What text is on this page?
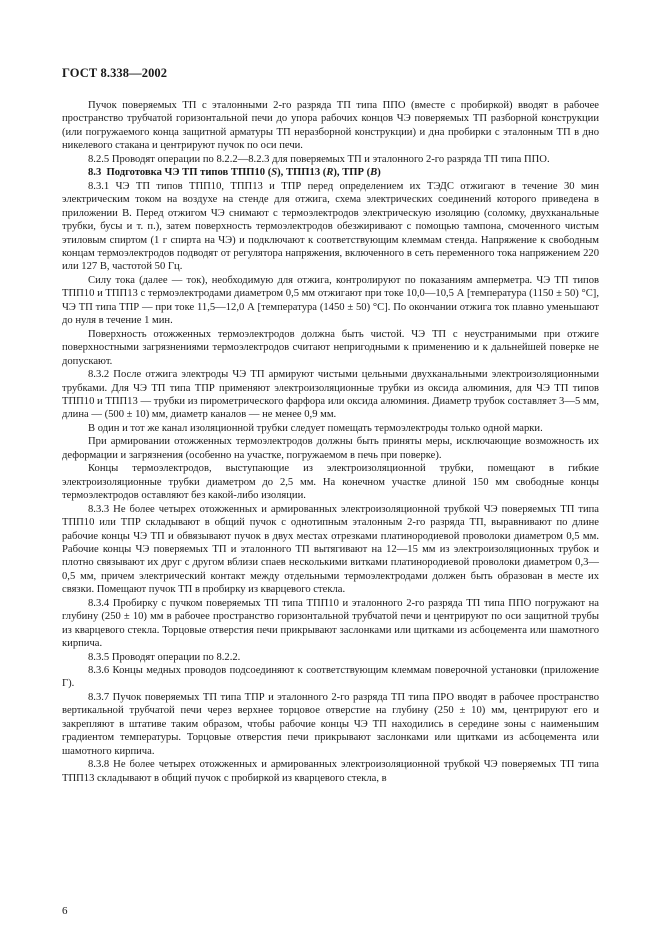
ГОСТ 8.338—2002

Пучок поверяемых ТП с эталонными 2-го разряда ТП типа ППО (вместе с пробиркой) вводят в рабочее пространство трубчатой горизонтальной печи до упора рабочих концов ЧЭ поверяемых ТП разборной конструкции (или погружаемого конца защитной арматуры ТП неразборной конструкции) и дна пробирки с эталонным ТП в дно никелевого стакана и центрируют пучок по оси печи.

8.2.5 Проводят операции по 8.2.2—8.2.3 для поверяемых ТП и эталонного 2-го разряда ТП типа ППО.

8.3 Подготовка ЧЭ ТП типов ТПП10 (S), ТПП13 (R), ТПР (B)

8.3.1 ЧЭ ТП типов ТПП10, ТПП13 и ТПР перед определением их ТЭДС отжигают в течение 30 мин электрическим током на воздухе на стенде для отжига, схема электрических соединений которого приведена в приложении В. Перед отжигом ЧЭ снимают с термоэлектродов электрическую изоляцию (соломку, двухканальные трубки, бусы и т. п.), затем поверхность термоэлектродов обезжиривают с помощью тампона, смоченного чистым этиловым спиртом (1 г спирта на ЧЭ) и подключают к соответствующим клеммам стенда. Напряжение к свободным концам термоэлектродов подводят от регулятора напряжения, включенного в сеть переменного тока напряжением 220 или 127 В, частотой 50 Гц.

Силу тока (далее — ток), необходимую для отжига, контролируют по показаниям амперметра. ЧЭ ТП типов ТПП10 и ТПП13 с термоэлектродами диаметром 0,5 мм отжигают при токе 10,0—10,5 А [температура (1150 ± 50) °С], ЧЭ ТП типа ТПР — при токе 11,5—12,0 А [температура (1450 ± 50) °С]. По окончании отжига ток плавно уменьшают до нуля в течение 1 мин.

Поверхность отожженных термоэлектродов должна быть чистой. ЧЭ ТП с неустранимыми при отжиге поверхностными загрязнениями термоэлектродов считают непригодными к применению и к дальнейшей поверке не допускают.

8.3.2 После отжига электроды ЧЭ ТП армируют чистыми цельными двухканальными электроизоляционными трубками. Для ЧЭ ТП типа ТПР применяют электроизоляционные трубки из оксида алюминия, для ЧЭ ТП типов ТПП10 и ТПП13 — трубки из пирометрического фарфора или оксида алюминия. Диаметр трубок составляет 3—5 мм, длина — (500 ± 10) мм, диаметр каналов — не менее 0,9 мм.

В один и тот же канал изоляционной трубки следует помещать термоэлектроды только одной марки.

При армировании отожженных термоэлектродов должны быть приняты меры, исключающие возможность их деформации и загрязнения (особенно на участке, погружаемом в печь при поверке).

Концы термоэлектродов, выступающие из электроизоляционной трубки, помещают в гибкие электроизоляционные трубки диаметром до 2,5 мм. На конечном участке длиной 150 мм свободные концы термоэлектродов оставляют без какой-либо изоляции.

8.3.3 Не более четырех отожженных и армированных электроизоляционной трубкой ЧЭ поверяемых ТП типа ТПП10 или ТПР складывают в общий пучок с однотипным эталонным 2-го разряда ТП, выравнивают по длине рабочие концы ЧЭ ТП и обвязывают пучок в двух местах отрезками платинородиевой проволоки диаметром 0,5 мм. Рабочие концы ЧЭ поверяемых ТП и эталонного ТП вытягивают на 12—15 мм из электроизоляционных трубок и плотно связывают их друг с другом вблизи спаев несколькими витками платинородиевой проволоки диаметром 0,3—0,5 мм, причем электрический контакт между отдельными термоэлектродами должен быть образован в месте их связки. Помещают пучок ТП в пробирку из кварцевого стекла.

8.3.4 Пробирку с пучком поверяемых ТП типа ТПП10 и эталонного 2-го разряда ТП типа ППО погружают на глубину (250 ± 10) мм в рабочее пространство горизонтальной трубчатой печи и центрируют по оси защитной трубы из кварцевого стекла. Торцовые отверстия печи прикрывают заслонками или щитками из асбоцемента или шамотного кирпича.

8.3.5 Проводят операции по 8.2.2.

8.3.6 Концы медных проводов подсоединяют к соответствующим клеммам поверочной установки (приложение Г).

8.3.7 Пучок поверяемых ТП типа ТПР и эталонного 2-го разряда ТП типа ПРО вводят в рабочее пространство вертикальной трубчатой печи через верхнее торцовое отверстие на глубину (250 ± 10) мм, центрируют его и закрепляют в штативе таким образом, чтобы рабочие концы ЧЭ ТП находились в середине зоны с наименьшим градиентом температуры. Торцовые отверстия печи прикрывают заслонками или щитками из асбоцемента или шамотного кирпича.

8.3.8 Не более четырех отожженных и армированных электроизоляционной трубкой ЧЭ поверяемых ТП типа ТПП13 складывают в общий пучок с пробиркой из кварцевого стекла, в

6
